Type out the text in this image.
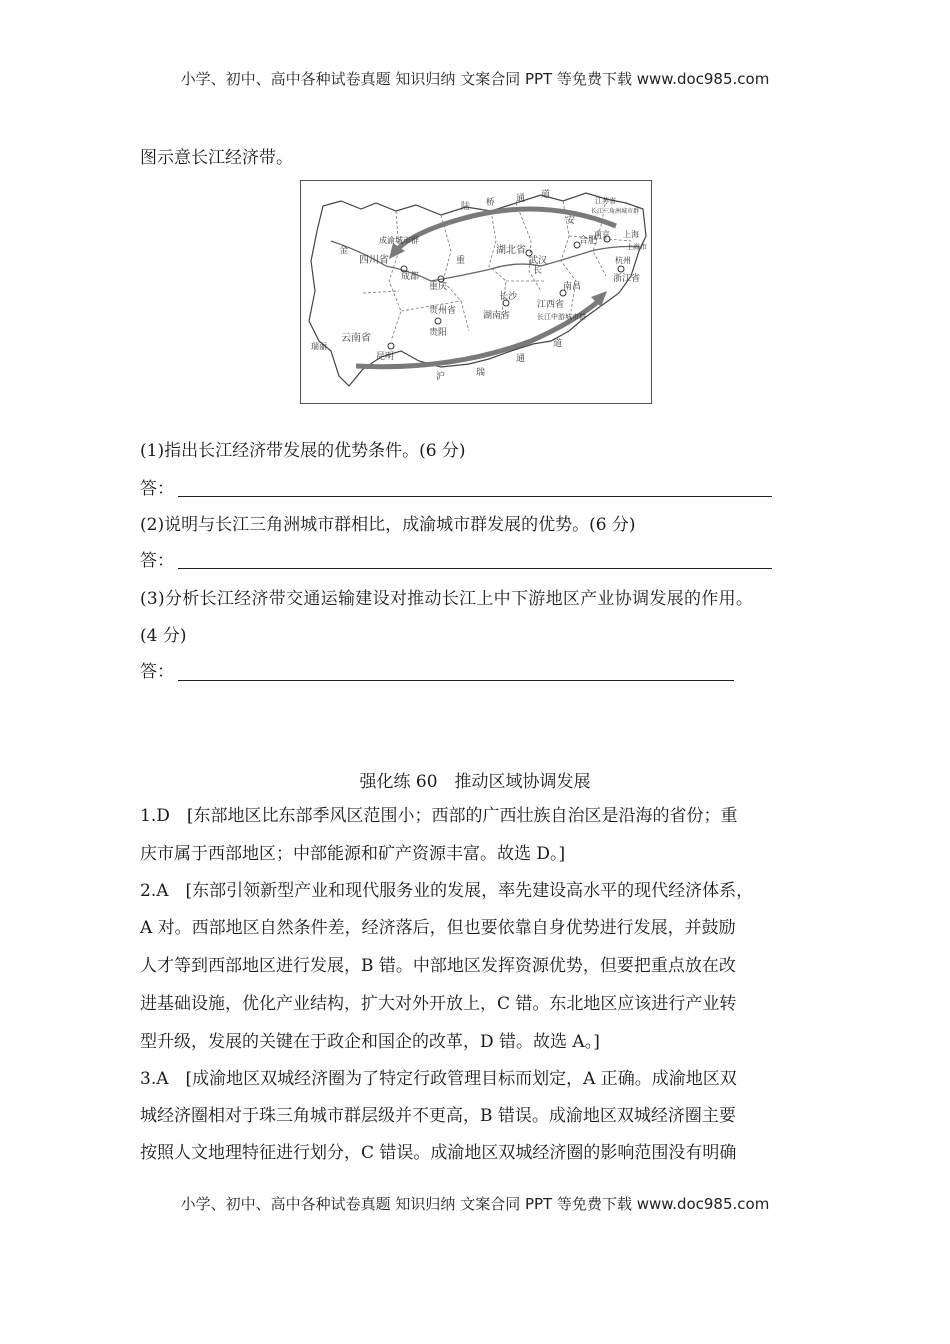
小学、初中、高中各种试卷真题 知识归纳 文案合同 PPT 等免费下载 www.doc985.com
图示意长江经济带。
成渝城市群
四川省
成都
重
重庆
贵州省
贵阳
云南省
昆明
瑞丽
金
长
湖北省
武汉
长沙
湖南省
江西省
南昌
长江中游城市群
合肥
安
江苏省
长江三角洲城市群
南京 上海
上海市
杭州
浙江省
陆 桥 通 道
沪	瑞
通
道
(1)指出长江经济带发展的优势条件。(6 分)
答：
(2)说明与长江三角洲城市群相比，成渝城市群发展的优势。(6 分)
答：
(3)分析长江经济带交通运输建设对推动长江上中下游地区产业协调发展的作用。
(4 分)
答：
强化练 60　推动区域协调发展
1.D　[东部地区比东部季风区范围小；西部的广西壮族自治区是沿海的省份；重
庆市属于西部地区；中部能源和矿产资源丰富。故选 D。]
2.A　[东部引领新型产业和现代服务业的发展，率先建设高水平的现代经济体系，
A 对。西部地区自然条件差，经济落后，但也要依靠自身优势进行发展，并鼓励
人才等到西部地区进行发展，B 错。中部地区发挥资源优势，但要把重点放在改
进基础设施，优化产业结构，扩大对外开放上，C 错。东北地区应该进行产业转
型升级，发展的关键在于政企和国企的改革，D 错。故选 A。]
3.A　[成渝地区双城经济圈为了特定行政管理目标而划定，A 正确。成渝地区双
城经济圈相对于珠三角城市群层级并不更高，B 错误。成渝地区双城经济圈主要
按照人文地理特征进行划分，C 错误。成渝地区双城经济圈的影响范围没有明确
小学、初中、高中各种试卷真题 知识归纳 文案合同 PPT 等免费下载 www.doc985.com
